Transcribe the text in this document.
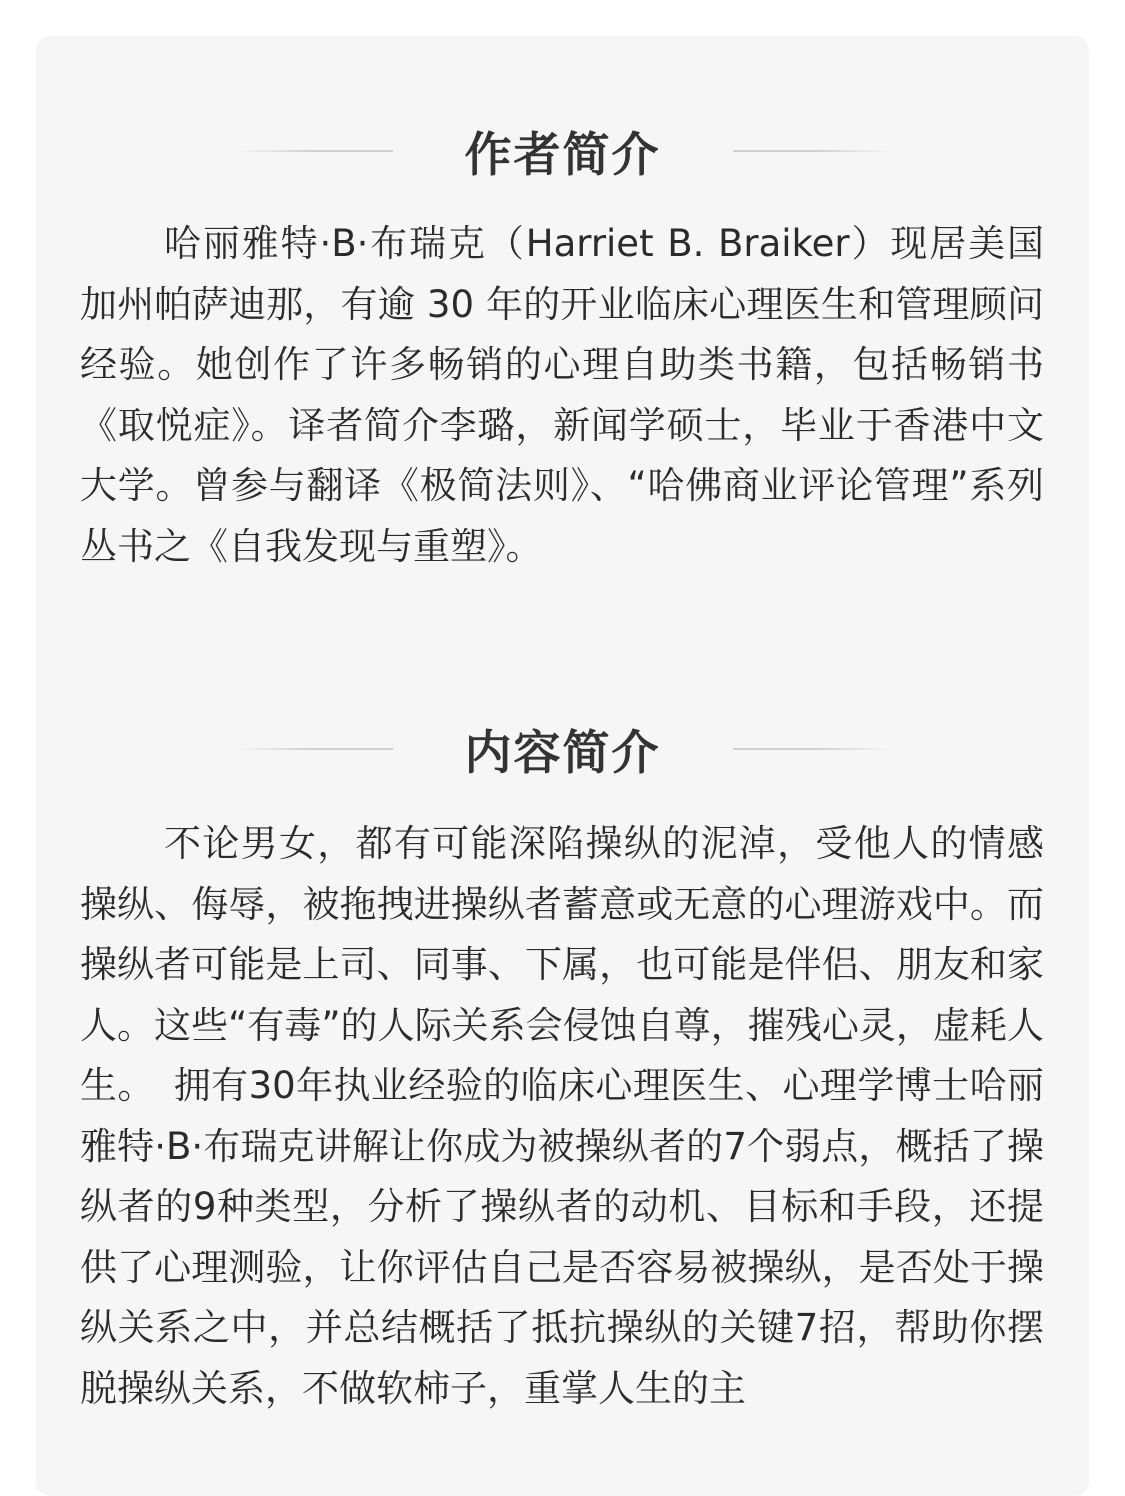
作者简介

哈丽雅特·B·布瑞克（Harriet B. Braiker）现居美国加州帕萨迪那，有逾 30 年的开业临床心理医生和管理顾问经验。她创作了许多畅销的心理自助类书籍，包括畅销书《取悦症》。译者简介李璐，新闻学硕士，毕业于香港中文大学。曾参与翻译《极简法则》、“哈佛商业评论管理”系列丛书之《自我发现与重塑》。

内容简介

不论男女，都有可能深陷操纵的泥淖，受他人的情感操纵、侮辱，被拖拽进操纵者蓄意或无意的心理游戏中。而操纵者可能是上司、同事、下属，也可能是伴侣、朋友和家人。这些“有毒”的人际关系会侵蚀自尊，摧残心灵，虚耗人生。　拥有30年执业经验的临床心理医生、心理学博士哈丽雅特·B·布瑞克讲解让你成为被操纵者的7个弱点，概括了操纵者的9种类型，分析了操纵者的动机、目标和手段，还提供了心理测验，让你评估自己是否容易被操纵，是否处于操纵关系之中，并总结概括了抵抗操纵的关键7招，帮助你摆脱操纵关系，不做软柿子，重掌人生的主
